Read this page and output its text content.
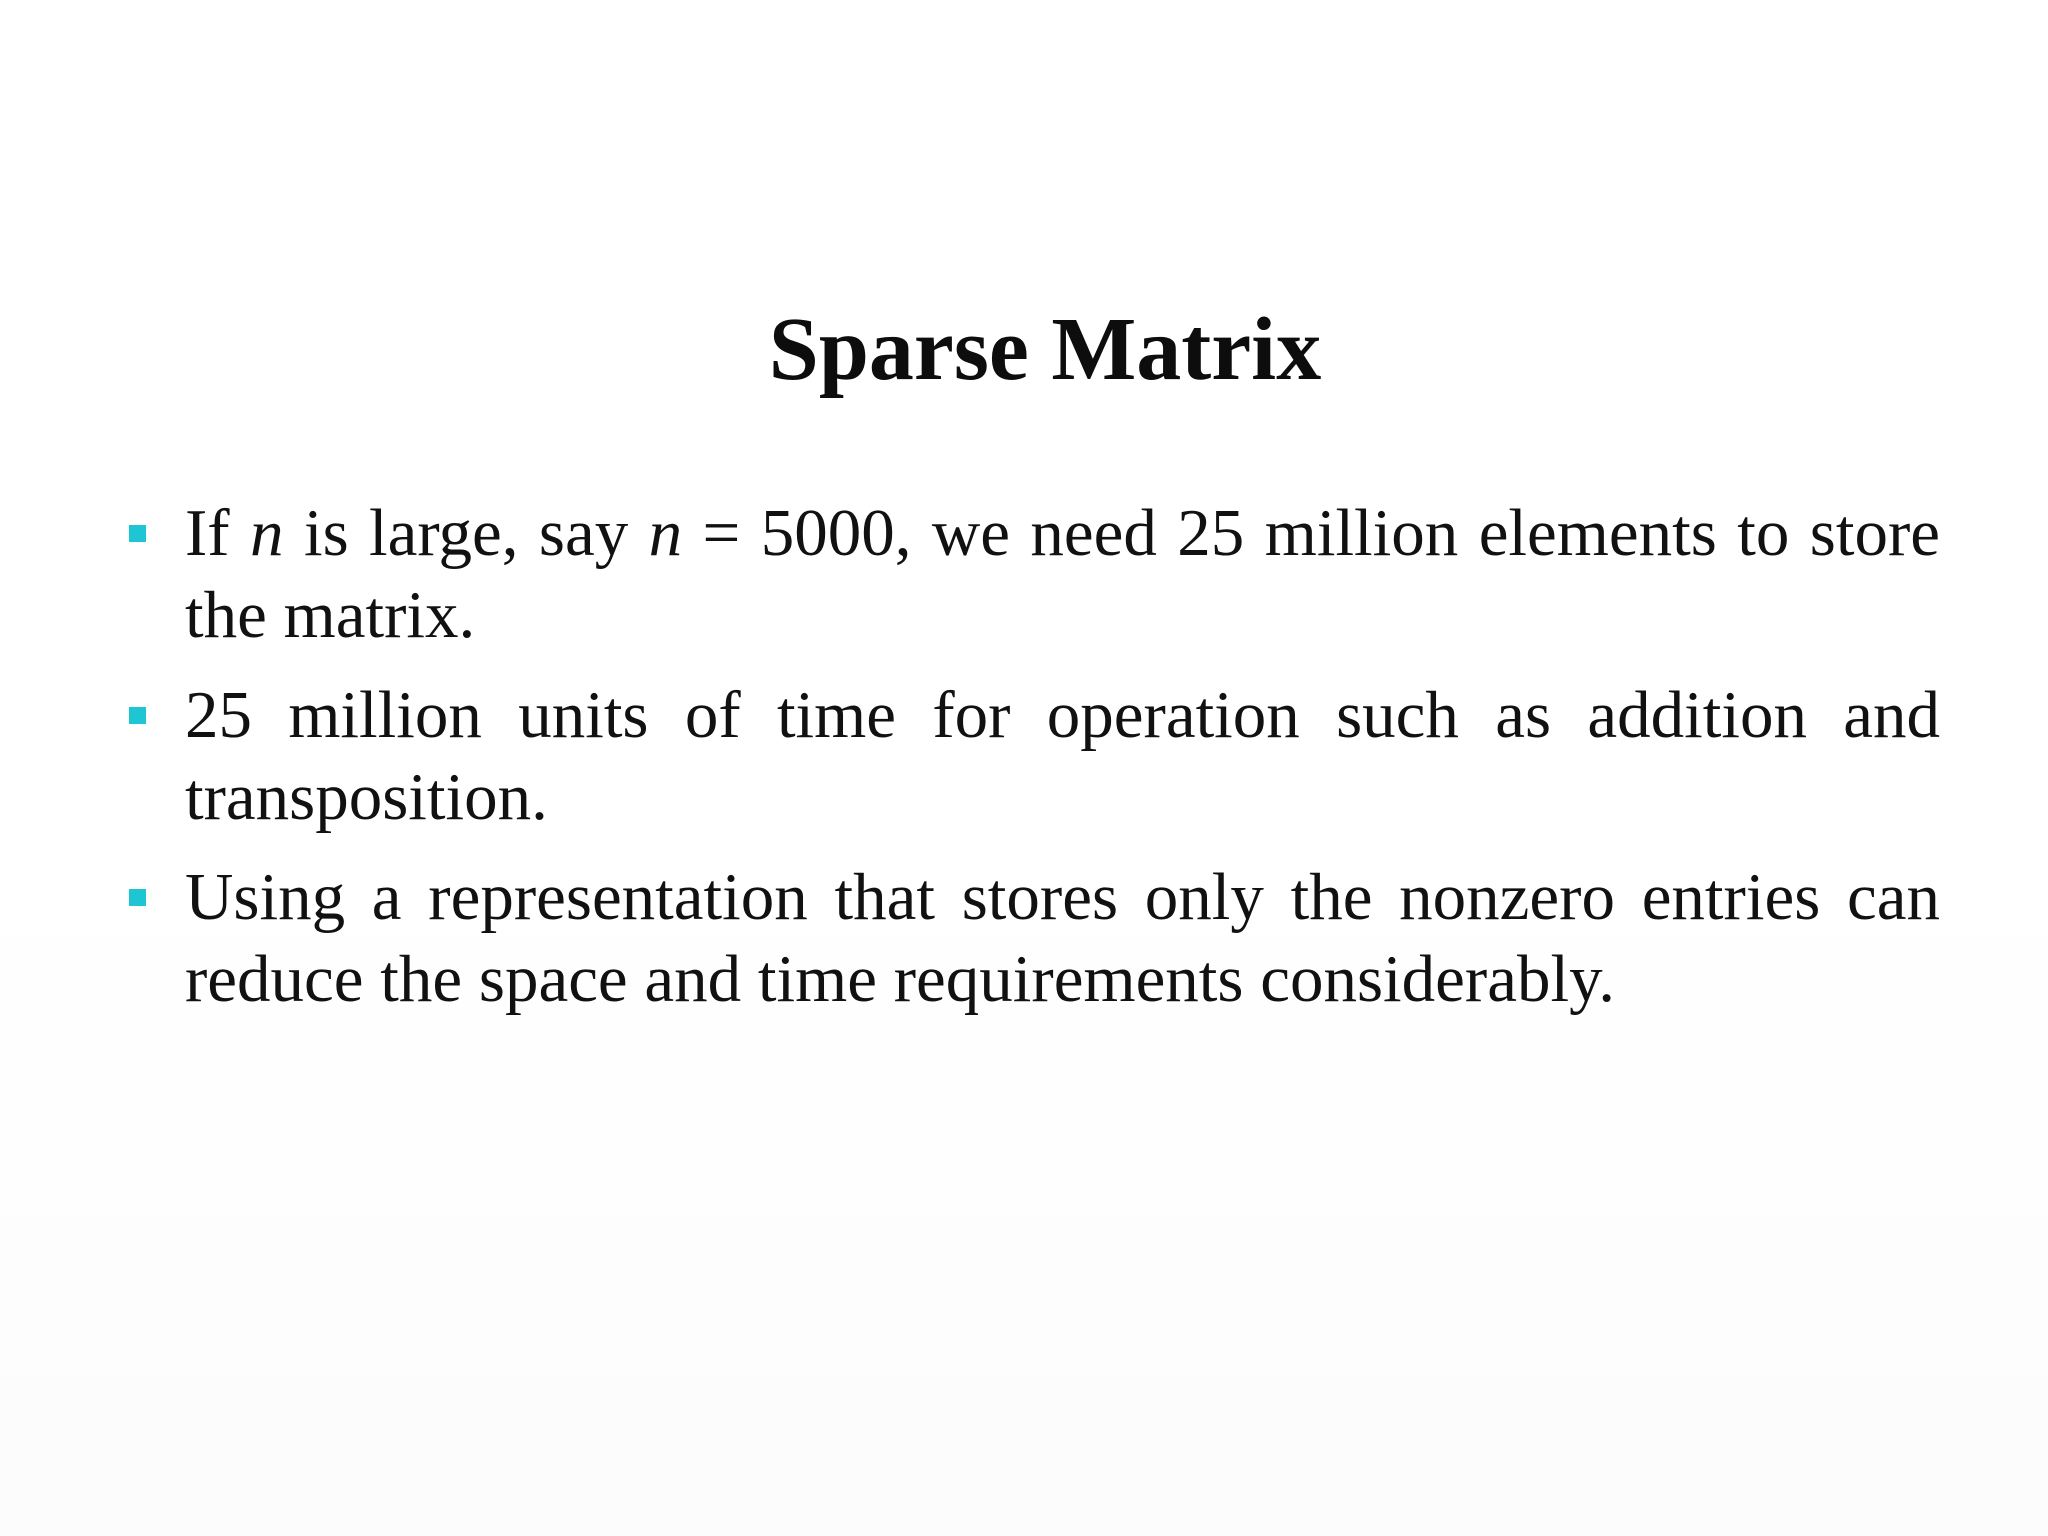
Sparse Matrix
If n is large, say n = 5000, we need 25 million elements to store the matrix.
25 million units of time for operation such as addition and transposition.
Using a representation that stores only the nonzero entries can reduce the space and time requirements considerably.
